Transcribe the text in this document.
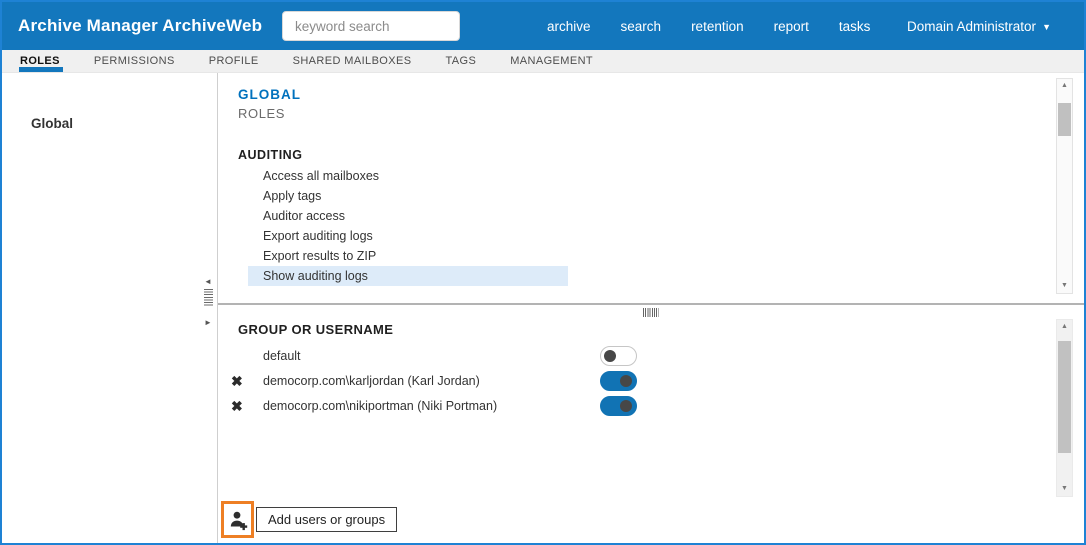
Archive Manager ArchiveWeb
keyword search	archive search retention report tasks	Domain Administrator ▼
ROLES	PERMISSIONS	PROFILE	SHARED MAILBOXES	TAGS	MANAGEMENT
Global
◄
►
GLOBAL
ROLES
AUDITING
Access all mailboxes
Apply tags
Auditor access
Export auditing logs
Export results to ZIP
Show auditing logs
▲
▼
GROUP OR USERNAME
default
✖ democorp.com\karljordan (Karl Jordan)
✖ democorp.com\nikiportman (Niki Portman)
Add users or groups
▲
▼
